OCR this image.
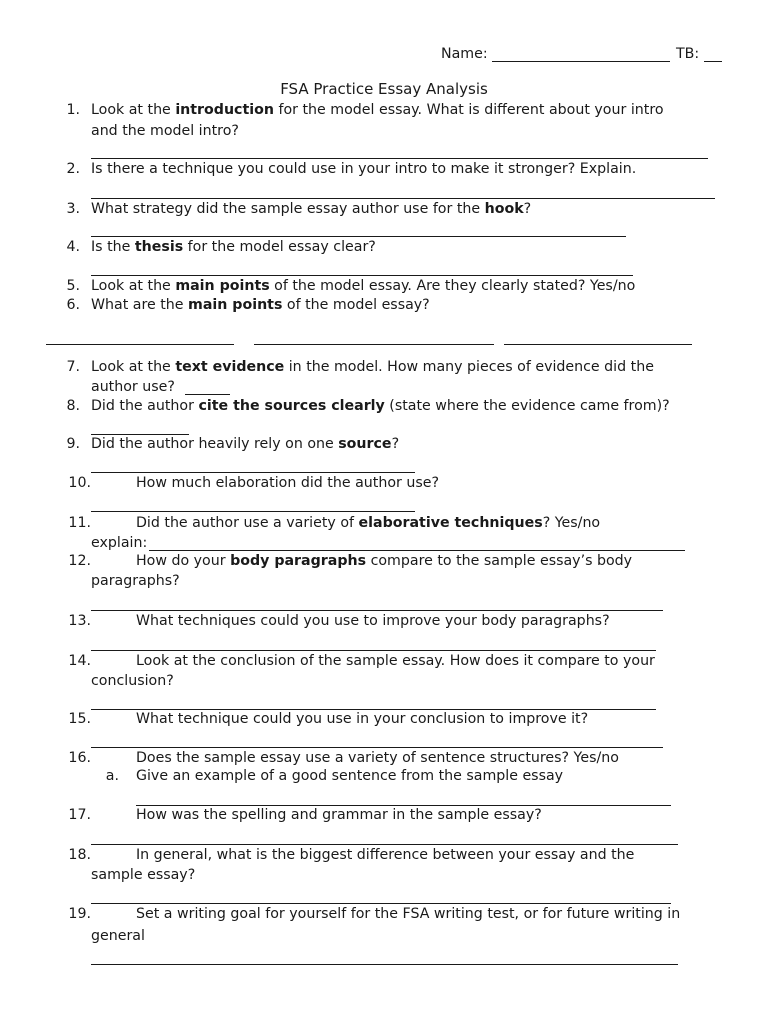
Name:	TB:
FSA Practice Essay Analysis
1. Look at the introduction for the model essay. What is different about your intro
and the model intro?
2. Is there a technique you could use in your intro to make it stronger? Explain.
3. What strategy did the sample essay author use for the hook?
4. Is the thesis for the model essay clear?
5. Look at the main points of the model essay. Are they clearly stated? Yes/no
6. What are the main points of the model essay?
7. Look at the text evidence in the model. How many pieces of evidence did the
author use?
8. Did the author cite the sources clearly (state where the evidence came from)?
9. Did the author heavily rely on one source?
10.	How much elaboration did the author use?
11.	Did the author use a variety of elaborative techniques? Yes/no
explain:
12.	How do your body paragraphs compare to the sample essay’s body
paragraphs?
13.	What techniques could you use to improve your body paragraphs?
14.	Look at the conclusion of the sample essay. How does it compare to your
conclusion?
15.	What technique could you use in your conclusion to improve it?
16.	Does the sample essay use a variety of sentence structures? Yes/no
a. Give an example of a good sentence from the sample essay
17.	How was the spelling and grammar in the sample essay?
18.	In general, what is the biggest difference between your essay and the
sample essay?
19.	Set a writing goal for yourself for the FSA writing test, or for future writing in
general
